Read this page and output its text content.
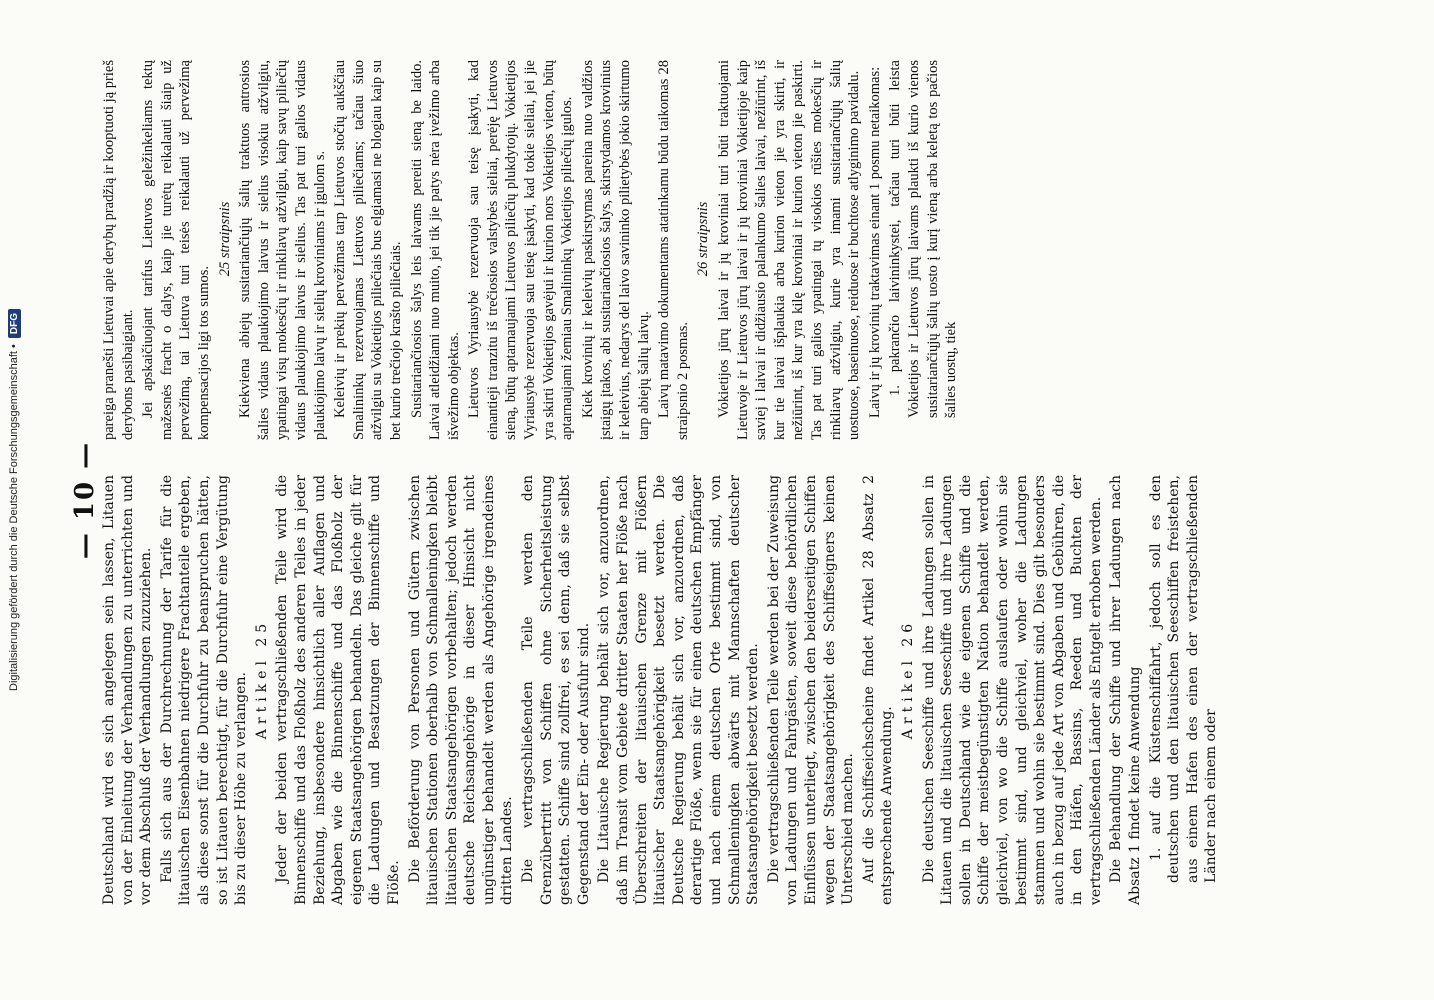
— 10 — Deutschland wird es sich angelegen sein lassen, Litauen von der Einleitung der Verhandlungen zu unterrichten und vor dem Abschluß der Verhandlungen zuzuziehen. Falls sich aus der Durchrechnung der Tarife für die litauischen Eisenbahnen niedrigere Frachtanteile ergeben, als diese sonst für die Durchfuhr zu beanspruchen hätten, so ist Litauen berechtigt, für die Durchfuhr eine Vergütung bis zu dieser Höhe zu verlangen. Artikel 25 Jeder der beiden vertragschließenden Teile wird die Binnenschiffe und das Floßholz des anderen Teiles in jeder Beziehung, insbesondere hinsichtlich aller Auflagen und Abgaben wie die Binnenschiffe und das Floßholz der eigenen Staatsangehörigen behandeln. Das gleiche gilt für die Ladungen und Besatzungen der Binnenschiffe und Flöße. Die Beförderung von Personen und Gütern zwischen litauischen Stationen oberhalb von Schmalleningken bleibt litauischen Staatsangehörigen vorbehalten; jedoch werden deutsche Reichsangehörige in dieser Hinsicht nicht ungünstiger behandelt werden als Angehörige irgendeines dritten Landes. Die vertragschließenden Teile werden den Grenzübertritt von Schiffen ohne Sicherheitsleistung gestatten. Schiffe sind zollfrei, es sei denn, daß sie selbst Gegenstand der Ein- oder Ausfuhr sind. Die Litauische Regierung behält sich vor, anzuordnen, daß im Transit vom Gebiete dritter Staaten her Flöße nach Überschreiten der litauischen Grenze mit Flößern litauischer Staatsangehörigkeit besetzt werden. Die Deutsche Regierung behält sich vor, anzuordnen, daß derartige Flöße, wenn sie für einen deutschen Empfänger und nach einem deutschen Orte bestimmt sind, von Schmalleningken abwärts mit Mannschaften deutscher Staatsangehörigkeit besetzt werden. Die vertragschließenden Teile werden bei der Zuweisung von Ladungen und Fahrgästen, soweit diese behördlichen Einflüssen unterliegt, zwischen den beiderseitigen Schiffen wegen der Staatsangehörigkeit des Schiffseigners keinen Unterschied machen. Auf die Schiffseichscheine findet Artikel 28 Absatz 2 entsprechende Anwendung.

Artikel 26 Die deutschen Seeschiffe und ihre Ladungen sollen in Litauen und die litauischen Seeschiffe und ihre Ladungen sollen in Deutschland wie die eigenen Schiffe und die Schiffe der meistbegünstigten Nation behandelt werden, gleichviel, von wo die Schiffe auslaufen oder wohin sie bestimmt sind, und gleichviel, woher die Ladungen stammen und wohin sie bestimmt sind. Dies gilt besonders auch in bezug auf jede Art von Abgaben und Gebühren, die in den Häfen, Bassins, Reeden und Buchten der vertragschließenden Länder als Entgelt erhoben werden. Die Behandlung der Schiffe und ihrer Ladungen nach Absatz 1 findet keine Anwendung 1. auf die Küstenschiffahrt, jedoch soll es den deutschen und den litauischen Seeschiffen freistehen, aus einem Hafen des einen der vertragschließenden Länder nach einem oder

pareiga pranešti Lietuvai apie derybų pradžią ir kooptuoti ją prieš derybons pasibaigiant. Jei apskaičiuojant tarifus Lietuvos geležinkeliams tektų mažesnės fracht o dalys, kaip jie turėtų reikalauti šiaip už pervežimą, tai Lietuva turi teisės reikalauti už pervežimą kompensacijos ligi tos sumos.

25 straipsnis Kiekviena abiejų susitariančiųjų šalių traktuos antrosios šalies vidaus plaukiojimo laivus ir sielius visokiu atžvilgiu, ypatingai visų mokesčių ir rinkliavų atžvilgiu, kaip savų piliečių vidaus plaukiojimo laivus ir sielius. Tas pat turi galios vidaus plaukiojimo laivų ir sielių kroviniams ir įgulom s. Keleivių ir prekių pervežimas tarp Lietuvos stočių aukščiau Smalininkų rezervuojamas Lietuvos piliečiams; tačiau šiuo atžvilgiu su Vokietijos piliečiais bus elgiamasi ne blogiau kaip su bet kurio trečiojo krašto piliečiais. Susitariančiosios šalys leis laivams pereiti sieną be laido. Laivai atleidžiami nuo muito, jei tik jie patys nėra įvežimo arba išvežimo objektas. Lietuvos Vyriausybė rezervuoja sau teisę įsakyti, kad einantieji tranzitu iš trečiosios valstybės sieliai, perėję Lietuvos sieną, būtų aptarnaujami Lietuvos piliečių plukdytojų. Vokietijos Vyriausybė rezervuoja sau teisę įsakyti, kad tokie sieliai, jei jie yra skirti Vokietijos gavėjui ir kurion nors Vokietijos vieton, būtų aptarnaujami žemiau Smalininkų Vokietijos piliečių įgulos. Kiek krovinių ir keleivių paskirstymas pareina nuo valdžios įstaigų įtakos, abi susitariančiosios šalys, skirstydamos krovinius ir keleivius, nedarys del laivo savininko pilietybės jokio skirtumo tarp abiejų šalių laivų. Laivų matavimo dokumentams atatinkamu būdu taikomas 28 straipsnio 2 posmas.

26 straipsnis Vokietijos jūrų laivai ir jų kroviniai turi būti traktuojami Lietuvoje ir Lietuvos jūrų laivai ir jų kroviniai Vokietijoje kaip saviej i laivai ir didžiausio palankumo šalies laivai, nežiūrint, iš kur tie laivai išplaukia arba kurion vieton jie yra skirti, ir nežiūrint, iš kur yra kilę kroviniai ir kurion vieton jie paskirti. Tas pat turi galios ypatingai tų visokios rūšies mokesčių ir rinkliavų atžvilgiu, kurie yra imami susitariančiųjų šalių uostuose, baseinuose, reiduose ir buchtose atlyginimo pavidalu. Laivų ir jų krovinių traktavimas einant 1 posmu netaikomas: 1. pakrančio laivininkystei, tačiau turi būti leista Vokietijos ir Lietuvos jūrų laivams plaukti iš kurio vienos susitariančiųjų šalių uosto į kurį vieną arba keletą tos pačios šalies uostų, tiek

Digitalisierung gefördert durch die Deutsche Forschungsgemeinschaft •DFG
